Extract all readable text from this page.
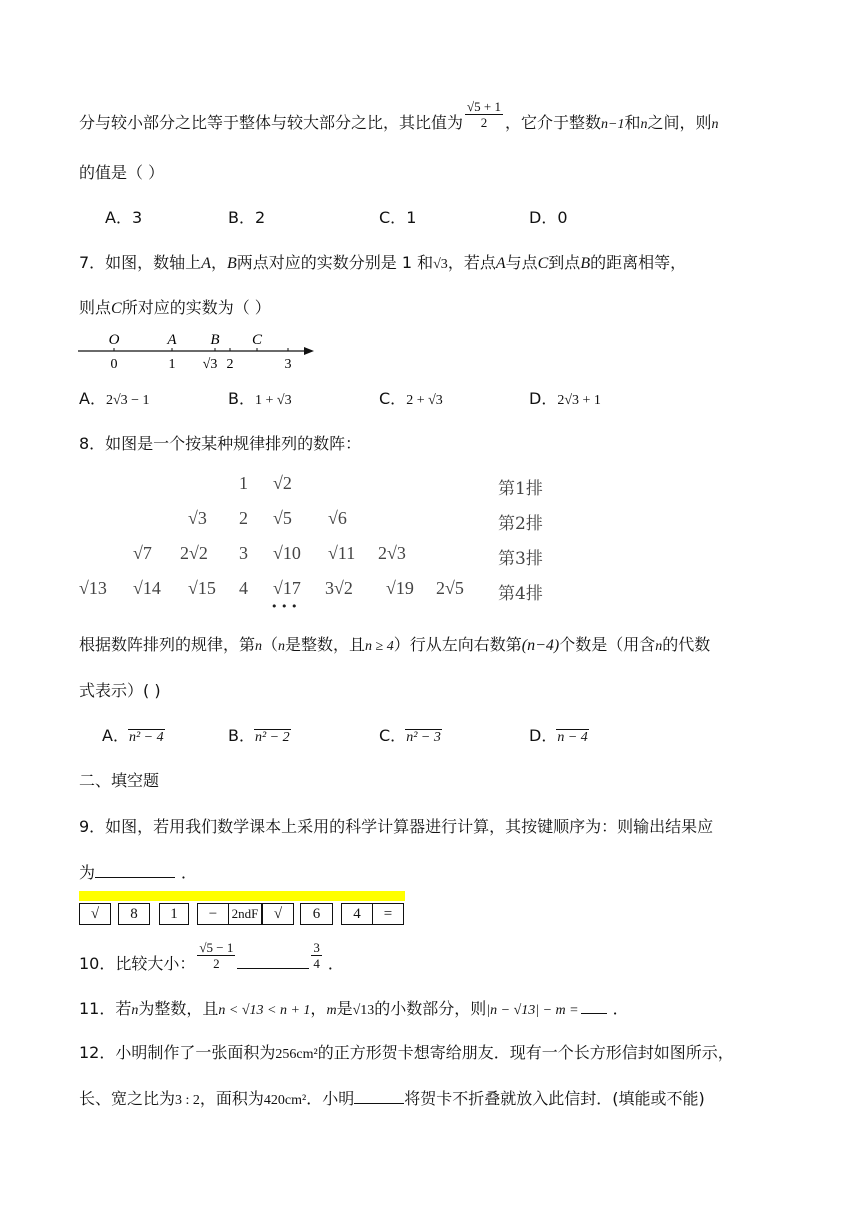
分与较小部分之比等于整体与较大部分之比，其比值为 $\frac{√5 + 1}{2}$ ，它介于整数n−1和n之间，则n
的值是（ ）
A．3	B．2	C．1	D．0
7．如图，数轴上A，B两点对应的实数分别是 1 和√3，若点A与点C到点B的距离相等，
则点C所对应的实数为（ ）
O
0
A
1
B
√3
C
2	3
A．2√3 − 1	B．1 + √3	C．2 + √3	D．2√3 + 1
8．如图是一个按某种规律排列的数阵：
1 √2	第1排
√3 2 √5 √6	第2排
√7 2√2 3 √10 √11 2√3	第3排
√13 √14 √15 4 √17 3√2 √19 2√5 第4排
• • •
根据数阵排列的规律，第n（n是整数，且n ≥ 4）行从左向右数第(n−4)个数是（用含n的代数
式表示）( )
A．n² − 4	B．n² − 2	C．n² − 3	D．n − 4
二、填空题
9．如图，若用我们数学课本上采用的科学计算器进行计算，其按键顺序为：则输出结果应
为	．
√	8	1	−	2ndF	√	6	4	=
10．比较大小： $\frac{√5 - 1}{2}$	$\frac{3}{4}$ ．
11．若n为整数，且n < √13 < n + 1，m是√13的小数部分，则|n − √13| − m = ．
12．小明制作了一张面积为256cm²的正方形贺卡想寄给朋友．现有一个长方形信封如图所示，
长、宽之比为3 : 2，面积为420cm²．小明	将贺卡不折叠就放入此信封．(填能或不能)
